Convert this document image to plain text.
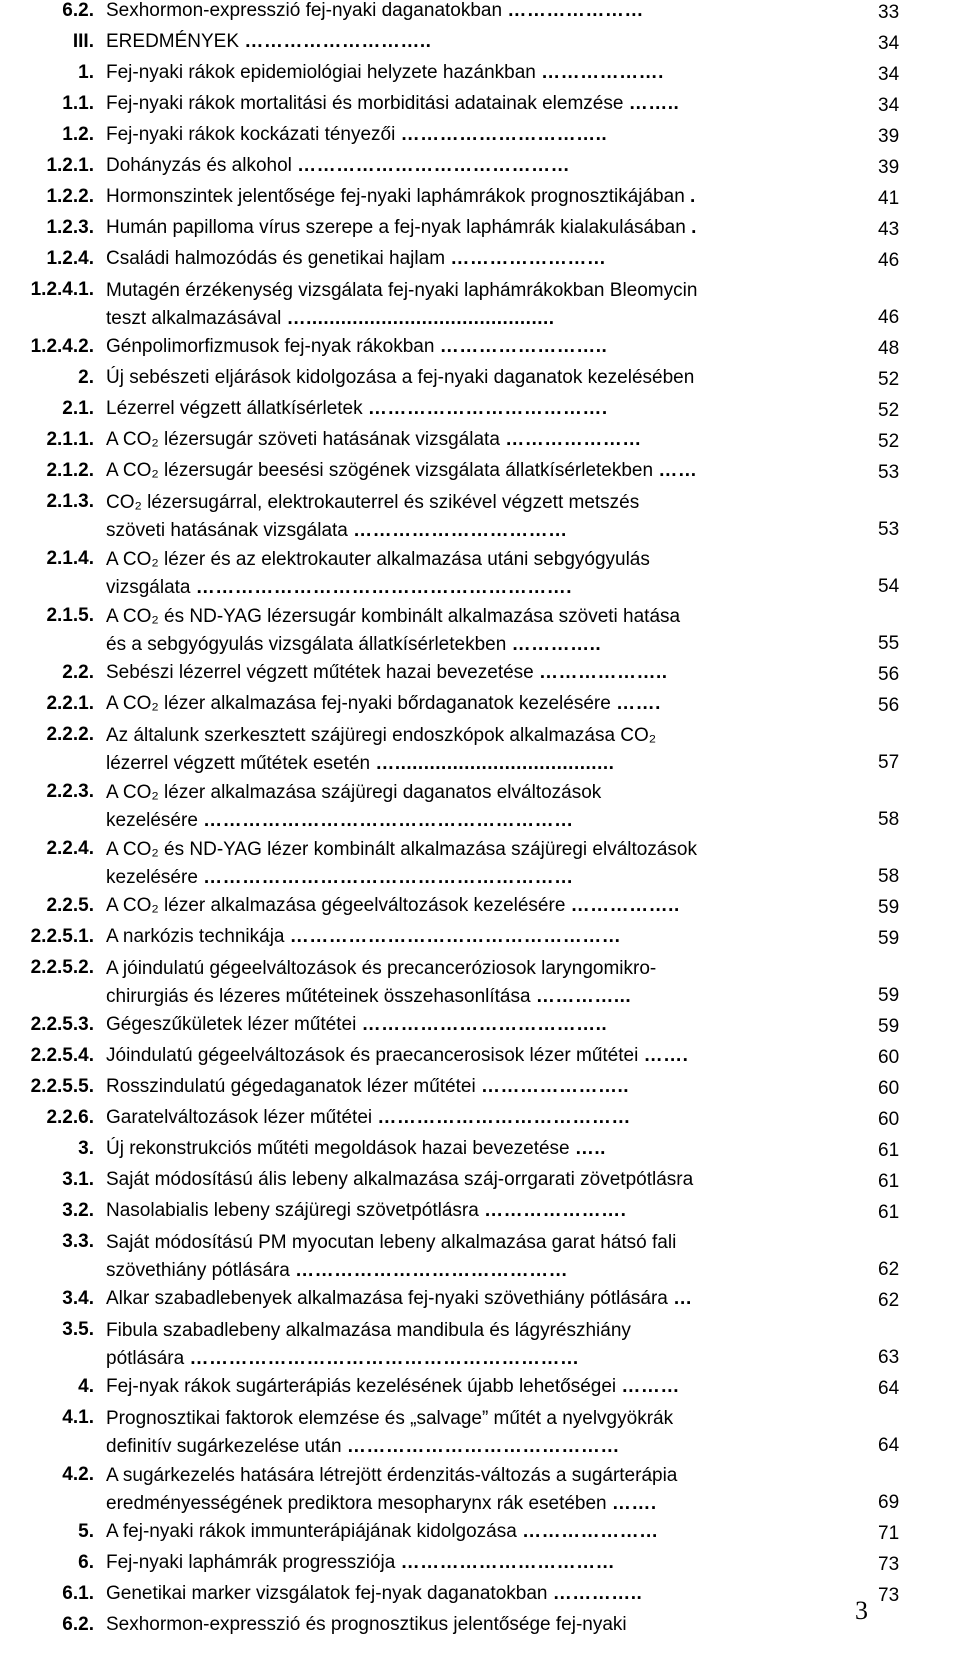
6.2. Sexhormon-expresszió fej-nyaki daganatokban …………………	33
III. EREDMÉNYEK ………………………..	34
1. Fej-nyaki rákok epidemiológiai helyzete hazánkban ……………….	34
1.1. Fej-nyaki rákok mortalitási és morbiditási adatainak elemzése ……..	34
1.2. Fej-nyaki rákok kockázati tényezői …………………………..	39
1.2.1. Dohányzás és alkohol ……………………………………	39
1.2.2. Hormonszintek jelentősége fej-nyaki laphámrákok prognosztikájában .	41
1.2.3. Humán papilloma vírus szerepe a fej-nyak laphámrák kialakulásában .	43
1.2.4. Családi halmozódás és genetikai hajlam ……………………	46
1.2.4.1. Mutagén érzékenység vizsgálata fej-nyaki laphámrákokban Bleomycin
teszt alkalmazásával …...........................................	46
1.2.4.2. Génpolimorfizmusok fej-nyak rákokban ……………………..	48
2. Új sebészeti eljárások kidolgozása a fej-nyaki daganatok kezelésében	52
2.1. Lézerrel végzett állatkísérletek ……………………………….	52
2.1.1. A CO₂ lézersugár szöveti hatásának vizsgálata …………………	52
2.1.2. A CO₂ lézersugár beesési szögének vizsgálata állatkísérletekben ……	53
2.1.3. CO₂ lézersugárral, elektrokauterrel és szikével végzett metszés
szöveti hatásának vizsgálata ……………………………	53
2.1.4. A CO₂ lézer és az elektrokauter alkalmazása utáni sebgyógyulás
vizsgálata ………………………………………………….	54
2.1.5. A CO₂ és ND-YAG lézersugár kombinált alkalmazása szöveti hatása
és a sebgyógyulás vizsgálata állatkísérletekben …………..	55
2.2. Sebészi lézerrel végzett műtétek hazai bevezetése ………………..	56
2.2.1. A CO₂ lézer alkalmazása fej-nyaki bőrdaganatok kezelésére …….	56
2.2.2. Az általunk szerkesztett szájüregi endoszkópok alkalmazása CO₂
lézerrel végzett műtétek esetén …......................................	57
2.2.3. A CO₂ lézer alkalmazása szájüregi daganatos elváltozások
kezelésére …………………………………………………	58
2.2.4. A CO₂ és ND-YAG lézer kombinált alkalmazása szájüregi elváltozások
kezelésére …………………………………………………	58
2.2.5. A CO₂ lézer alkalmazása gégeelváltozások kezelésére ……………..	59
2.2.5.1. A narkózis technikája ……………………………………………	59
2.2.5.2. A jóindulatú gégeelváltozások és precanceróziosok laryngomikro-
chirurgiás és lézeres műtéteinek összehasonlítása …………...	59
2.2.5.3. Gégeszűkületek lézer műtétei ………………………………..	59
2.2.5.4. Jóindulatú gégeelváltozások és praecancerosisok lézer műtétei …….	60
2.2.5.5. Rosszindulatú gégedaganatok lézer műtétei …………………..	60
2.2.6. Garatelváltozások lézer műtétei …………………………………	60
3. Új rekonstrukciós műtéti megoldások hazai bevezetése …..	61
3.1. Saját módosítású ális lebeny alkalmazása száj-orrgarati zövetpótlásra	61
3.2. Nasolabialis lebeny szájüregi szövetpótlásra ………………….	61
3.3. Saját módosítású PM myocutan lebeny alkalmazása garat hátsó fali
szövethiány pótlására ……………………………………	62
3.4. Alkar szabadlebenyek alkalmazása fej-nyaki szövethiány pótlására …	62
3.5. Fibula szabadlebeny alkalmazása mandibula és lágyrészhiány
pótlására ……………………………………………………	63
4. Fej-nyak rákok sugárterápiás kezelésének újabb lehetőségei ………	64
4.1. Prognosztikai faktorok elemzése és „salvage” műtét a nyelvgyökrák
definitív sugárkezelése után ……………………………………	64
4.2. A sugárkezelés hatására létrejött érdenzitás-változás a sugárterápia
eredményességének prediktora mesopharynx rák esetében …….	69
5. A fej-nyaki rákok immunterápiájának kidolgozása …………………	71
6. Fej-nyaki laphámrák progressziója ……………………………	73
6.1. Genetikai marker vizsgálatok fej-nyak daganatokban …………..	73
6.2. Sexhormon-expresszió és prognosztikus jelentősége fej-nyaki	3
